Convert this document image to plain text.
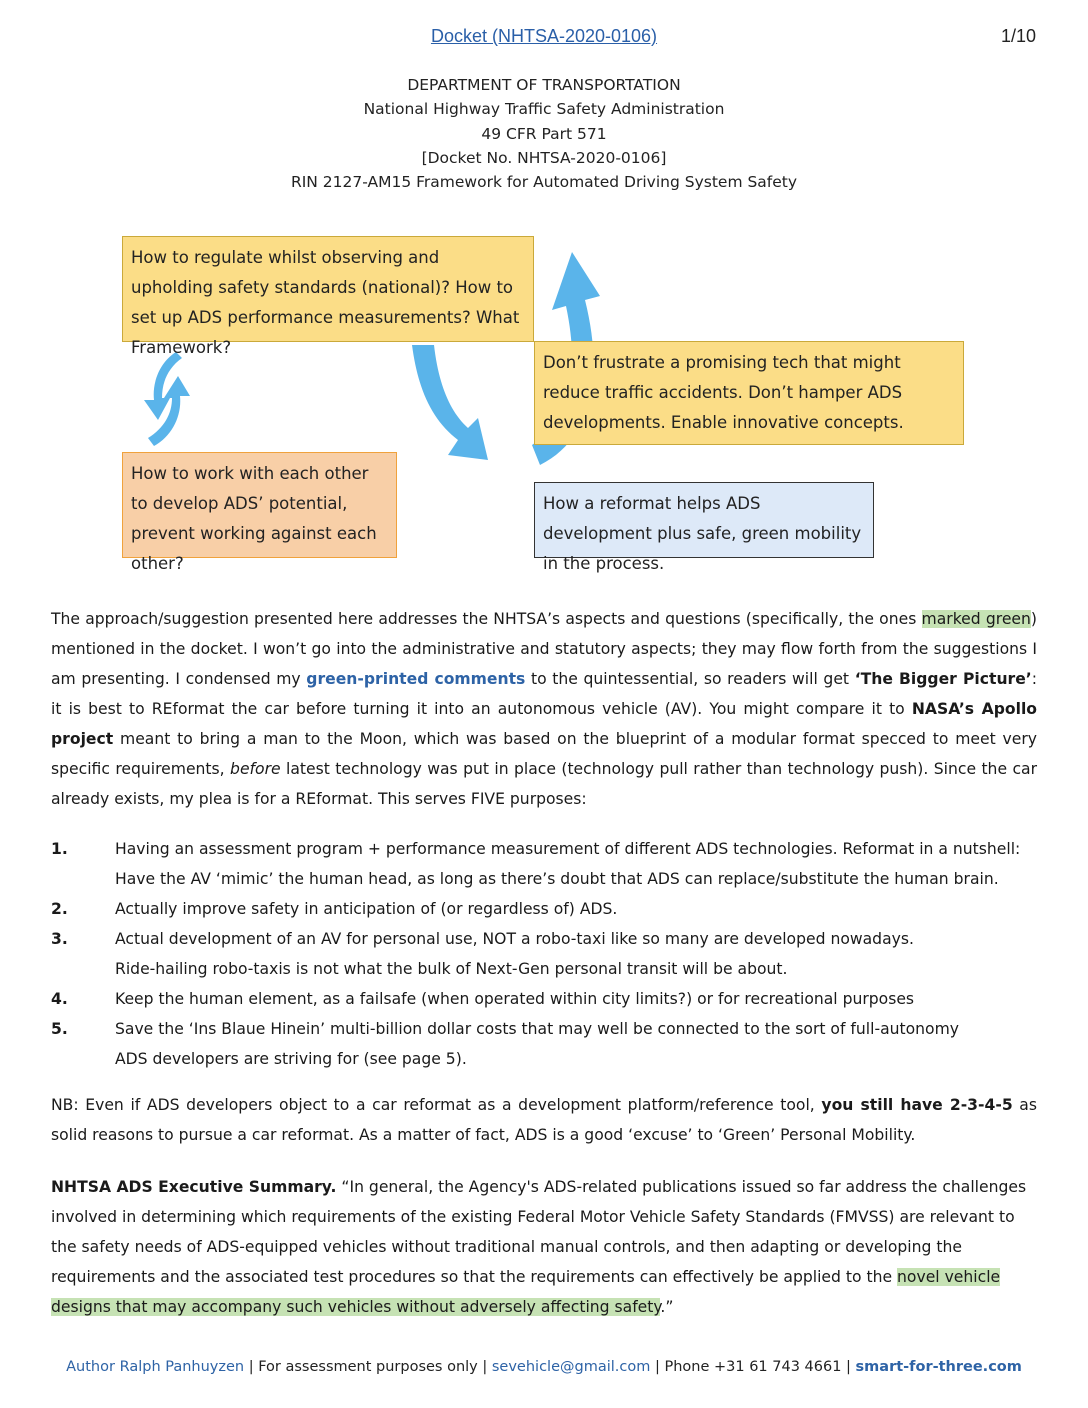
Docket (NHTSA-2020-0106)	1/10
DEPARTMENT OF TRANSPORTATION
National Highway Traffic Safety Administration
49 CFR Part 571
[Docket No. NHTSA-2020-0106]
RIN 2127-AM15 Framework for Automated Driving System Safety
How to regulate whilst observing and upholding safety standards (national)? How to set up ADS performance measurements? What Framework?
Don’t frustrate a promising tech that might reduce traffic accidents. Don’t hamper ADS developments. Enable innovative concepts.
How to work with each other to develop ADS’ potential, prevent working against each other?
How a reformat helps ADS development plus safe, green mobility in the process.
The approach/suggestion presented here addresses the NHTSA’s aspects and questions (specifically, the ones marked green) mentioned in the docket. I won’t go into the administrative and statutory aspects; they may flow forth from the suggestions I am presenting. I condensed my green-printed comments to the quintessential, so readers will get ‘The Bigger Picture’: it is best to REformat the car before turning it into an autonomous vehicle (AV). You might compare it to NASA’s Apollo project meant to bring a man to the Moon, which was based on the blueprint of a modular format specced to meet very specific requirements, before latest technology was put in place (technology pull rather than technology push). Since the car already exists, my plea is for a REformat. This serves FIVE purposes:
1.	Having an assessment program + performance measurement of different ADS technologies. Reformat in a nutshell:
Have the AV ‘mimic’ the human head, as long as there’s doubt that ADS can replace/substitute the human brain.
2.	Actually improve safety in anticipation of (or regardless of) ADS.
3.	Actual development of an AV for personal use, NOT a robo-taxi like so many are developed nowadays.
Ride-hailing robo-taxis is not what the bulk of Next-Gen personal transit will be about.
4.	Keep the human element, as a failsafe (when operated within city limits?) or for recreational purposes
5.	Save the ‘Ins Blaue Hinein’ multi-billion dollar costs that may well be connected to the sort of full-autonomy
ADS developers are striving for (see page 5).
NB: Even if ADS developers object to a car reformat as a development platform/reference tool, you still have 2-3-4-5 as solid reasons to pursue a car reformat. As a matter of fact, ADS is a good ‘excuse’ to ‘Green’ Personal Mobility.
NHTSA ADS Executive Summary. “In general, the Agency's ADS-related publications issued so far address the challenges involved in determining which requirements of the existing Federal Motor Vehicle Safety Standards (FMVSS) are relevant to the safety needs of ADS-equipped vehicles without traditional manual controls, and then adapting or developing the requirements and the associated test procedures so that the requirements can effectively be applied to the novel vehicle designs that may accompany such vehicles without adversely affecting safety.”
Author Ralph Panhuyzen | For assessment purposes only | sevehicle@gmail.com | Phone +31 61 743 4661 | smart-for-three.com
